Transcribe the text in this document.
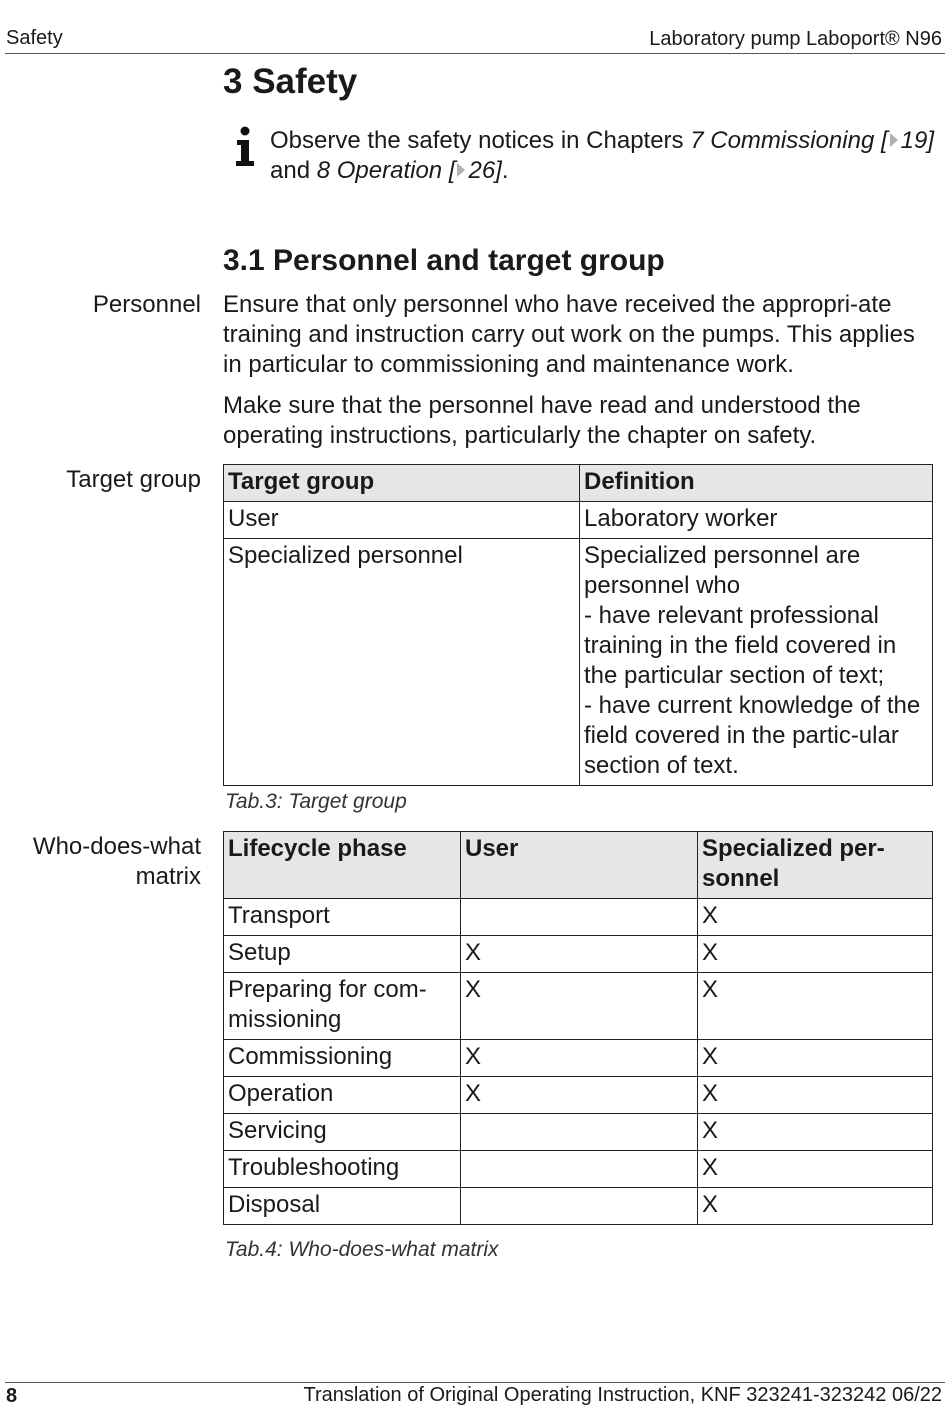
Safety	Laboratory pump Laboport® N96
3 Safety
Observe the safety notices in Chapters 7 Commissioning [ 19] and 8 Operation [ 26].
3.1 Personnel and target group
Personnel Ensure that only personnel who have received the appropri-ate training and instruction carry out work on the pumps. This applies in particular to commissioning and maintenance work.
Make sure that the personnel have read and understood the operating instructions, particularly the chapter on safety.
Target group Target group	Definition
User	Laboratory worker
Specialized personnel	Specialized personnel are personnel who
- have relevant professional training in the field covered in the particular section of text;
- have current knowledge of the field covered in the partic-ular section of text.
Tab.3: Target group
Who-does-what matrix
Lifecycle phase	User	Specialized per-sonnel
Transport		X
Setup	X	X
Preparing for com-missioning	X	X
Commissioning	X	X
Operation	X	X
Servicing		X
Troubleshooting		X
Disposal		X
Tab.4: Who-does-what matrix
8	Translation of Original Operating Instruction, KNF 323241-323242 06/22
